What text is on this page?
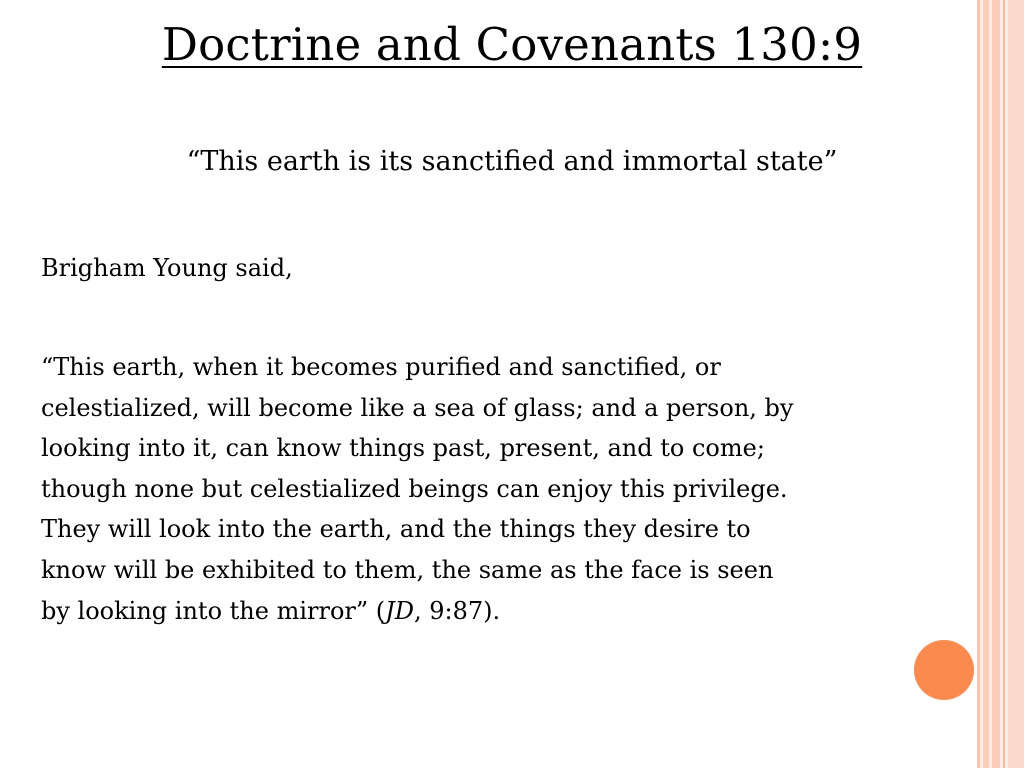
Doctrine and Covenants 130:9
“This earth is its sanctified and immortal state”
Brigham Young said,
“This earth, when it becomes purified and sanctified, or
celestialized, will become like a sea of glass; and a person, by
looking into it, can know things past, present, and to come;
though none but celestialized beings can enjoy this privilege.
They will look into the earth, and the things they desire to
know will be exhibited to them, the same as the face is seen
by looking into the mirror” (JD, 9:87).
